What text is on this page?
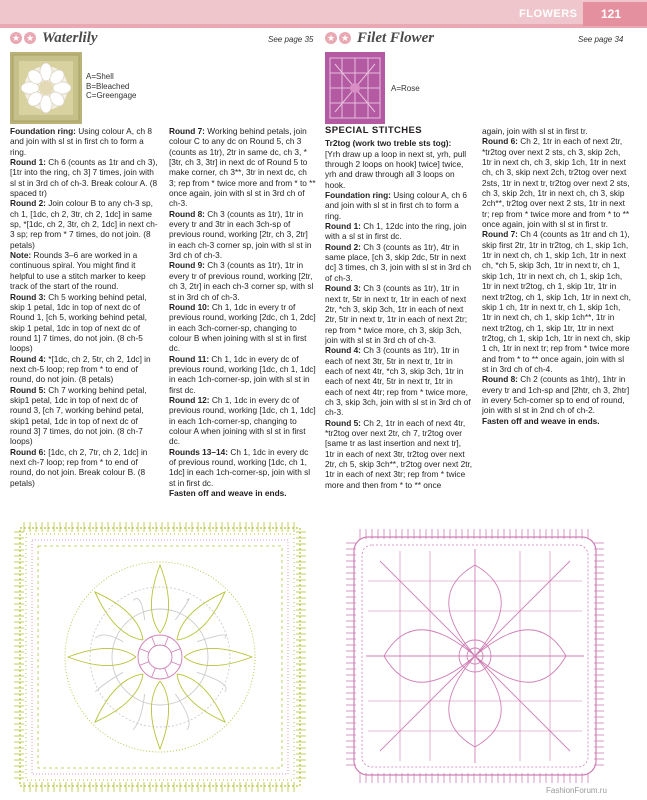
FLOWERS 121
★ ★ Waterlily	See page 35 ★ ★ Filet Flower	See page 34
A=Shell
B=Bleached
C=Greengage
A=Rose

Foundation ring: Using colour A, ch 8 and join with sl st in first ch to form a ring.

Round 1: Ch 6 (counts as 1tr and ch 3), [1tr into the ring, ch 3] 7 times, join with sl st in 3rd ch of ch-3. Break colour A. (8 spaced tr)

Round 2: Join colour B to any ch-3 sp, ch 1, [1dc, ch 2, 3tr, ch 2, 1dc] in same sp, *[1dc, ch 2, 3tr, ch 2, 1dc] in next ch-3 sp; rep from * 7 times, do not join. (8 petals)

Note: Rounds 3–6 are worked in a continuous spiral. You might find it helpful to use a stitch marker to keep track of the start of the round.

Round 3: Ch 5 working behind petal, skip 1 petal, 1dc in top of next dc of Round 1, [ch 5, working behind petal, skip 1 petal, 1dc in top of next dc of round 1] 7 times, do not join. (8 ch-5 loops)

Round 4: *[1dc, ch 2, 5tr, ch 2, 1dc] in next ch-5 loop; rep from * to end of round, do not join. (8 petals)

Round 5: Ch 7 working behind petal, skip1 petal, 1dc in top of next dc of round 3, [ch 7, working behind petal, skip1 petal, 1dc in top of next dc of round 3] 7 times, do not join. (8 ch-7 loops)

Round 6: [1dc, ch 2, 7tr, ch 2, 1dc] in next ch-7 loop; rep from * to end of round, do not join. Break colour B. (8 petals)

Round 7: Working behind petals, join colour C to any dc on Round 5, ch 3 (counts as 1tr), 2tr in same dc, ch 3, *[3tr, ch 3, 3tr] in next dc of Round 5 to make corner, ch 3**, 3tr in next dc, ch 3; rep from * twice more and from * to ** once again, join with sl st in 3rd ch of ch-3.

Round 8: Ch 3 (counts as 1tr), 1tr in every tr and 3tr in each 3ch-sp of previous round, working [2tr, ch 3, 2tr] in each ch-3 corner sp, join with sl st in 3rd ch of ch-3.

Round 9: Ch 3 (counts as 1tr), 1tr in every tr of previous round, working [2tr, ch 3, 2tr] in each ch-3 corner sp, with sl st in 3rd ch of ch-3.

Round 10: Ch 1, 1dc in every tr of previous round, working [2dc, ch 1, 2dc] in each 3ch-corner-sp, changing to colour B when joining with sl st in first dc.

Round 11: Ch 1, 1dc in every dc of previous round, working [1dc, ch 1, 1dc] in each 1ch-corner-sp, join with sl st in first dc.

Round 12: Ch 1, 1dc in every dc of previous round, working [1dc, ch 1, 1dc] in each 1ch-corner-sp, changing to colour A when joining with sl st in first dc.

Rounds 13–14: Ch 1, 1dc in every dc of previous round, working [1dc, ch 1, 1dc] in each 1ch-corner-sp, join with sl st in first dc.

Fasten off and weave in ends.

SPECIAL STITCHES

Tr2tog (work two treble sts tog):

[Yrh draw up a loop in next st, yrh, pull through 2 loops on hook] twice] twice, yrh and draw through all 3 loops on hook.

Foundation ring: Using colour A, ch 6 and join with sl st in first ch to form a ring.

Round 1: Ch 1, 12dc into the ring, join with a sl st in first dc.

Round 2: Ch 3 (counts as 1tr), 4tr in same place, [ch 3, skip 2dc, 5tr in next dc] 3 times, ch 3, join with sl st in 3rd ch of ch-3.

Round 3: Ch 3 (counts as 1tr), 1tr in next tr, 5tr in next tr, 1tr in each of next 2tr, *ch 3, skip 3ch, 1tr in each of next 2tr, 5tr in next tr, 1tr in each of next 2tr; rep from * twice more, ch 3, skip 3ch, join with sl st in 3rd ch of ch-3.

Round 4: Ch 3 (counts as 1tr), 1tr in each of next 3tr, 5tr in next tr, 1tr in each of next 4tr, *ch 3, skip 3ch, 1tr in each of next 4tr, 5tr in next tr, 1tr in each of next 4tr; rep from * twice more, ch 3, skip 3ch, join with sl st in 3rd ch of ch-3.

Round 5: Ch 2, 1tr in each of next 4tr, *tr2tog over next 2tr, ch 7, tr2tog over [same tr as last insertion and next tr], 1tr in each of next 3tr, tr2tog over next 2tr, ch 5, skip 3ch**, tr2tog over next 2tr, 1tr in each of next 3tr; rep from * twice more and then from * to ** once

again, join with sl st in first tr.

Round 6: Ch 2, 1tr in each of next 2tr, *tr2tog over next 2 sts, ch 3, skip 2ch, 1tr in next ch, ch 3, skip 1ch, 1tr in next ch, ch 3, skip next 2ch, tr2tog over next 2sts, 1tr in next tr, tr2tog over next 2 sts, ch 3, skip 2ch, 1tr in next ch, ch 3, skip 2ch**, tr2tog over next 2 sts, 1tr in next tr; rep from * twice more and from * to ** once again, join with sl st in first tr.

Round 7: Ch 4 (counts as 1tr and ch 1), skip first 2tr, 1tr in tr2tog, ch 1, skip 1ch, 1tr in next ch, ch 1, skip 1ch, 1tr in next ch, *ch 5, skip 3ch, 1tr in next tr, ch 1, skip 1ch, 1tr in next ch, ch 1, skip 1ch, 1tr in next tr2tog, ch 1, skip 1tr, 1tr in next tr2tog, ch 1, skip 1ch, 1tr in next ch, skip 1 ch, 1tr in next tr, ch 1, skip 1ch, 1tr in next ch, ch 1, skip 1ch**, 1tr in next tr2tog, ch 1, skip 1tr, 1tr in next tr2tog, ch 1, skip 1ch, 1tr in next ch, skip 1 ch, 1tr in next tr; rep from * twice more and from * to ** once again, join with sl st in 3rd ch of ch-4.

Round 8: Ch 2 (counts as 1htr), 1htr in every tr and 1ch-sp and [2htr, ch 3, 2htr] in every 5ch-corner sp to end of round, join with sl st in 2nd ch of ch-2.

Fasten off and weave in ends.

FashionForum.ru
